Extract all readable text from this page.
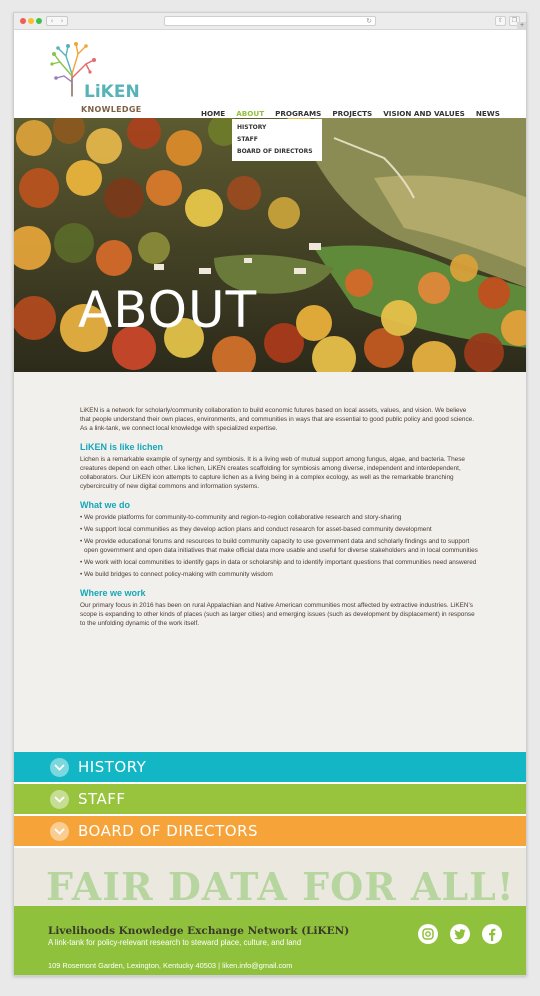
‹	›	↻	⇧	❐
+
LiKEN
KNOWLEDGE	HOME ABOUT PROGRAMS PROJECTS VISION AND VALUES NEWS
HISTORY
STAFF
BOARD OF DIRECTORS
ABOUT

LiKEN is a network for scholarly/community collaboration to build economic futures based on local assets, values, and vision. We believe that people understand their own places, environments, and communities in ways that are essential to good public policy and good science. As a link-tank, we connect local knowledge with specialized expertise.

LiKEN is like lichen

Lichen is a remarkable example of synergy and symbiosis. It is a living web of mutual support among fungus, algae, and bacteria. These creatures depend on each other. Like lichen, LiKEN creates scaffolding for symbiosis among diverse, independent and interdependent, collaborators. Our LiKEN icon attempts to capture lichen as a living being in a complex ecology, as well as the remarkable branching cybercircuitry of new digital commons and information systems.

What we do
• We provide platforms for community-to-community and region-to-region collaborative research and story-sharing
• We support local communities as they develop action plans and conduct research for asset-based community development
• We provide educational forums and resources to build community capacity to use government data and scholarly findings and to support open government and open data initiatives that make official data more usable and useful for diverse stakeholders and in local communities
• We work with local communities to identify gaps in data or scholarship and to identify important questions that communities need answered
• We build bridges to connect policy-making with community wisdom
Where we work

Our primary focus in 2016 has been on rural Appalachian and Native American communities most affected by extractive industries. LiKEN's scope is expanding to other kinds of places (such as larger cities) and emerging issues (such as development by displacement) in response to the unfolding dynamic of the work itself.

HISTORY
STAFF
BOARD OF DIRECTORS
FAIR DATA FOR ALL!
Livelihoods Knowledge Exchange Network (LiKEN)
A link-tank for policy-relevant research to steward place, culture, and land
109 Rosemont Garden, Lexington, Kentucky 40503 | liken.info@gmail.com
